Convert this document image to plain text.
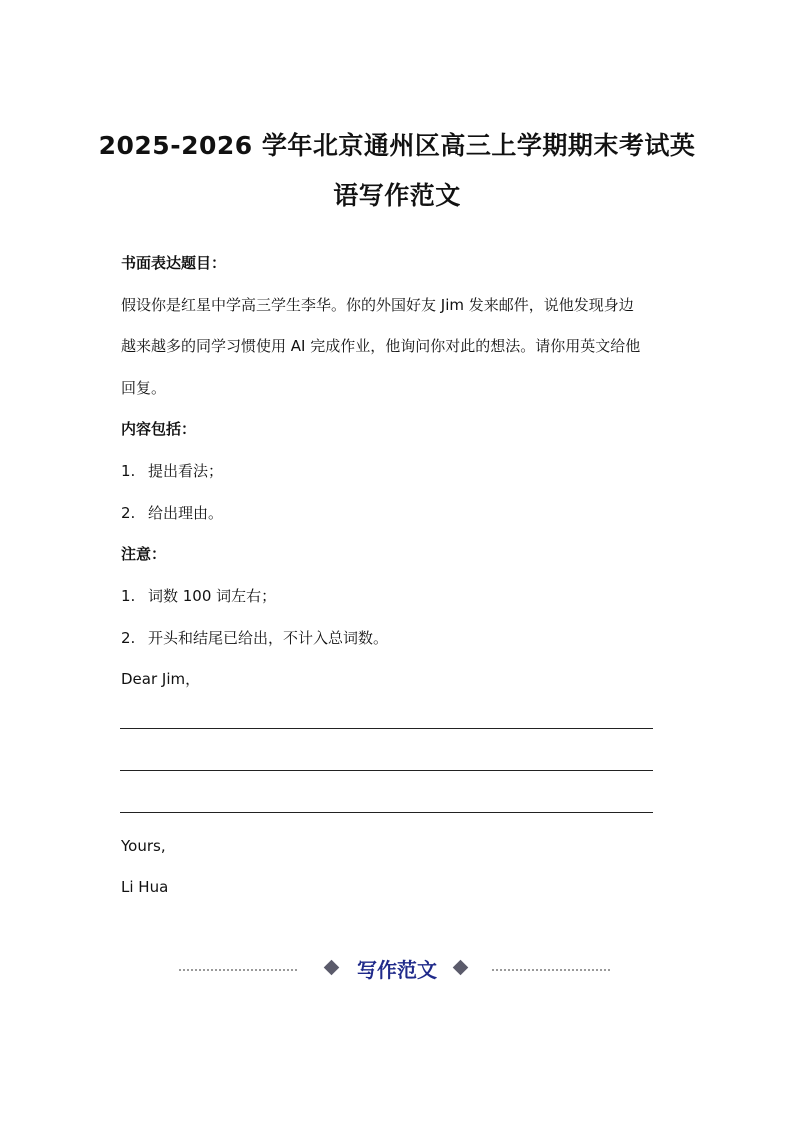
2025-2026 学年北京通州区高三上学期期末考试英
语写作范文
书面表达题目：
假设你是红星中学高三学生李华。你的外国好友 Jim 发来邮件，说他发现身边
越来越多的同学习惯使用 AI 完成作业，他询问你对此的想法。请你用英文给他
回复。
内容包括：
1. 提出看法；
2. 给出理由。
注意：
1. 词数 100 词左右；
2. 开头和结尾已给出，不计入总词数。
Dear Jim，
Yours,
Li Hua
写作范文
